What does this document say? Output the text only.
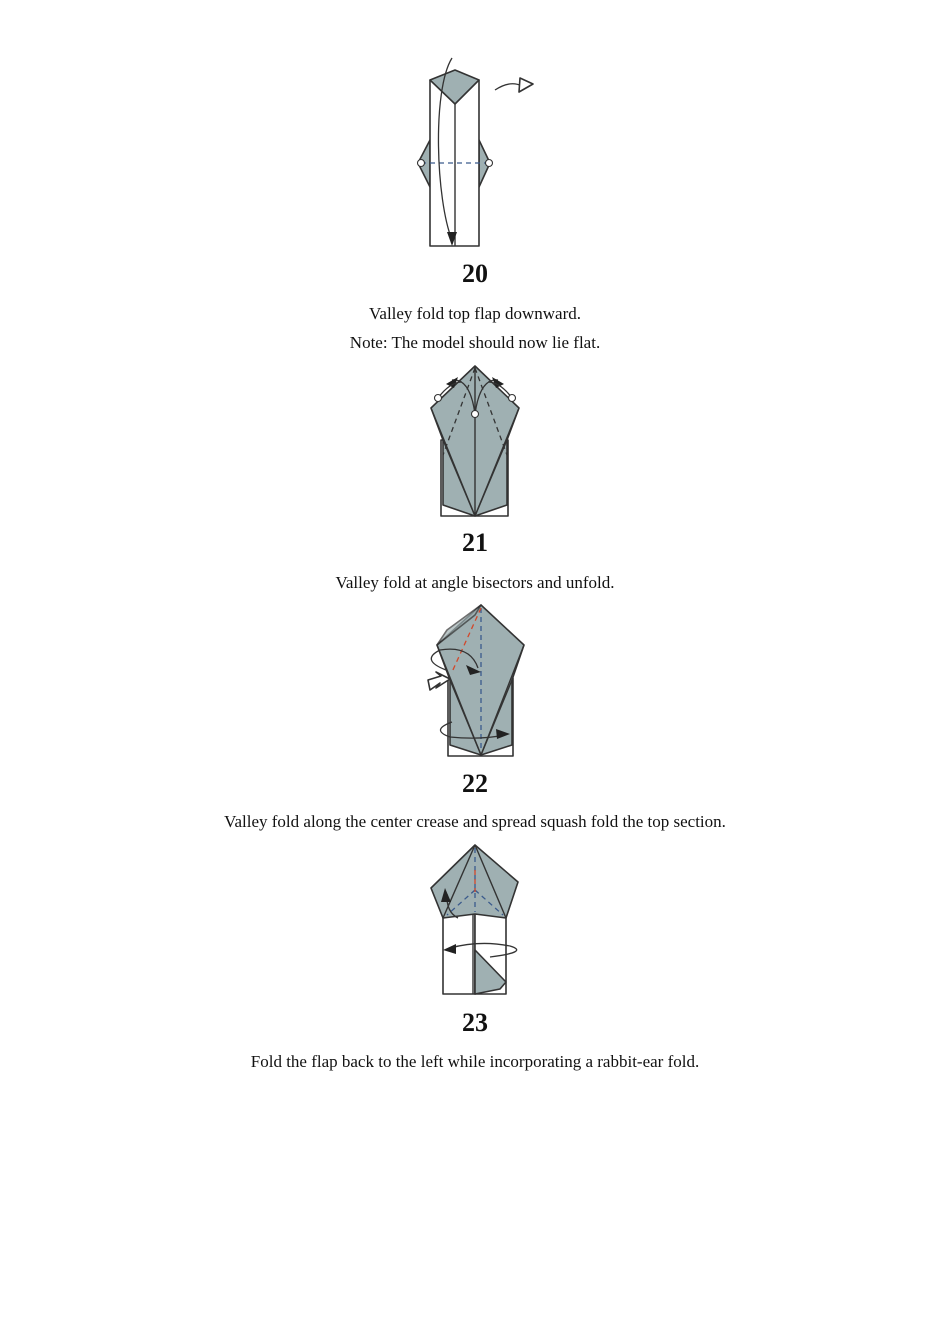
20
Valley fold top flap downward.
Note: The model should now lie flat.
21
Valley fold at angle bisectors and unfold.
22
Valley fold along the center crease and spread squash fold the top section.
23
Fold the flap back to the left while incorporating a rabbit-ear fold.
